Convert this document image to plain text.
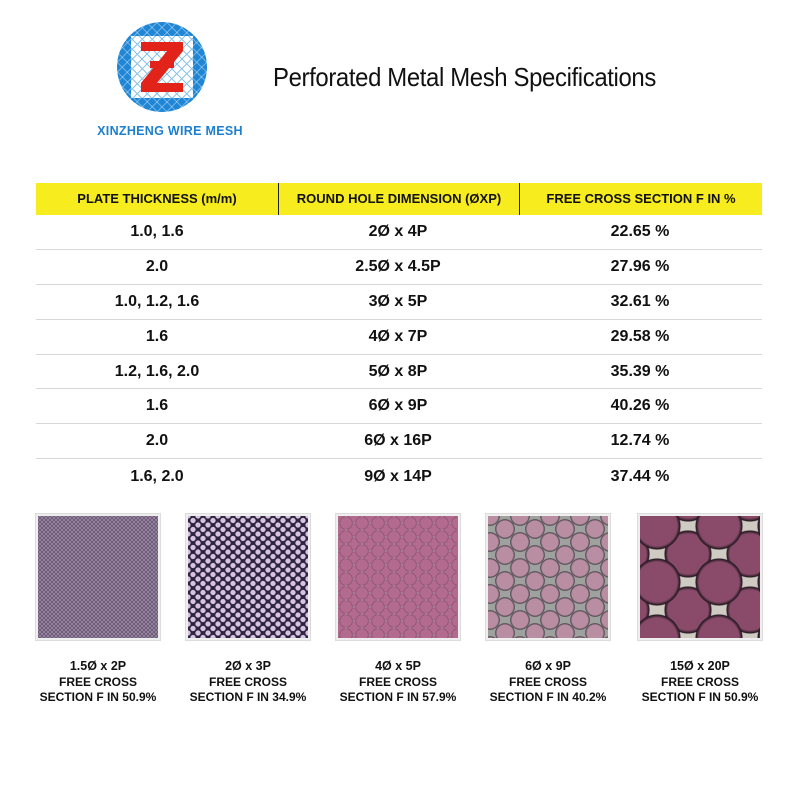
XINZHENG WIRE MESH
Perforated Metal Mesh Specifications
PLATE THICKNESS (m/m)	ROUND HOLE DIMENSION (ØXP)	FREE CROSS SECTION F IN %
1.0, 1.6	2Ø x 4P	22.65 %
2.0	2.5Ø x 4.5P	27.96 %
1.0, 1.2, 1.6	3Ø x 5P	32.61 %
1.6	4Ø x 7P	29.58 %
1.2, 1.6, 2.0	5Ø x 8P	35.39 %
1.6	6Ø x 9P	40.26 %
2.0	6Ø x 16P	12.74 %
1.6, 2.0	9Ø x 14P	37.44 %
1.5Ø x 2P
FREE CROSS
SECTION F IN 50.9%
2Ø x 3P
FREE CROSS
SECTION F IN 34.9%
4Ø x 5P
FREE CROSS
SECTION F IN 57.9%
6Ø x 9P
FREE CROSS
SECTION F IN 40.2%
15Ø x 20P
FREE CROSS
SECTION F IN 50.9%
